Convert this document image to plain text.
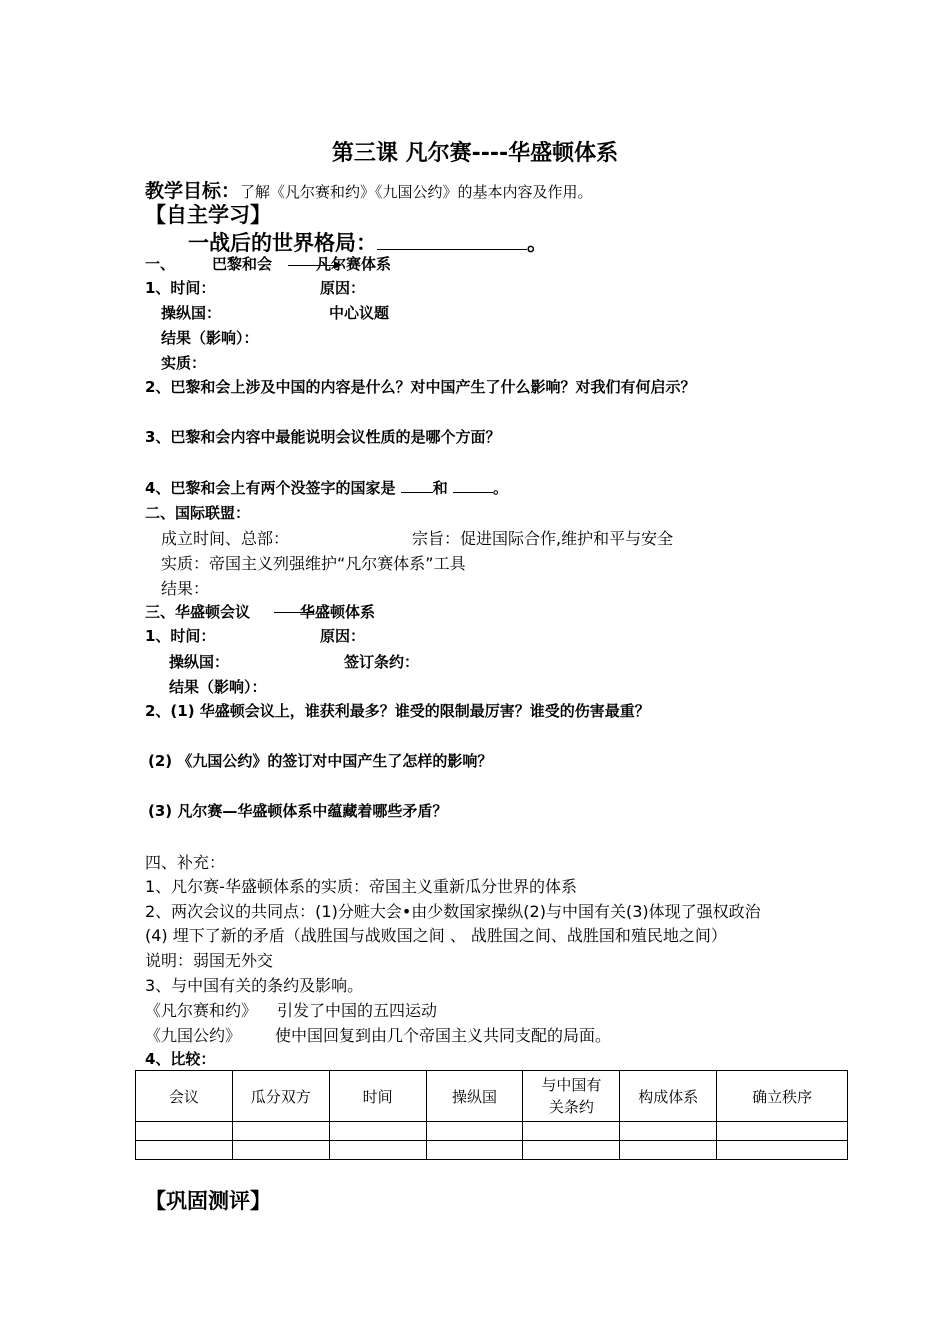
第三课 凡尔赛----华盛顿体系
教学目标：了解《凡尔赛和约》《九国公约》的基本内容及作用。
【自主学习】
一战后的世界格局：	。
一、 巴黎和会	凡尔赛体系
1、时间：	原因：
操纵国：	中心议题
结果（影响）：
实质：
2、巴黎和会上涉及中国的内容是什么？对中国产生了什么影响？对我们有何启示？
3、巴黎和会内容中最能说明会议性质的是哪个方面？
4、巴黎和会上有两个没签字的国家是 和	。
二、国际联盟：
成立时间、总部：	宗旨：促进国际合作,维护和平与安全
实质：帝国主义列强维护“凡尔赛体系”工具
结果：
三、华盛顿会议	华盛顿体系
1、时间：	原因：
操纵国：	签订条约：
结果（影响）：
2、(1) 华盛顿会议上，谁获利最多？谁受的限制最厉害？谁受的伤害最重？
(2) 《九国公约》的签订对中国产生了怎样的影响？
(3) 凡尔赛—华盛顿体系中蕴藏着哪些矛盾？
四、补充：
1、凡尔赛-华盛顿体系的实质：帝国主义重新瓜分世界的体系
2、两次会议的共同点：(1)分赃大会•由少数国家操纵(2)与中国有关(3)体现了强权政治
(4) 埋下了新的矛盾（战胜国与战败国之间 、 战胜国之间、战胜国和殖民地之间）
说明：弱国无外交
3、与中国有关的条约及影响。
《凡尔赛和约》 引发了中国的五四运动
《九国公约》 使中国回复到由几个帝国主义共同支配的局面。
4、比较：
会议	瓜分双方	时间	操纵国	与中国有关条约	构成体系	确立秩序

【巩固测评】
